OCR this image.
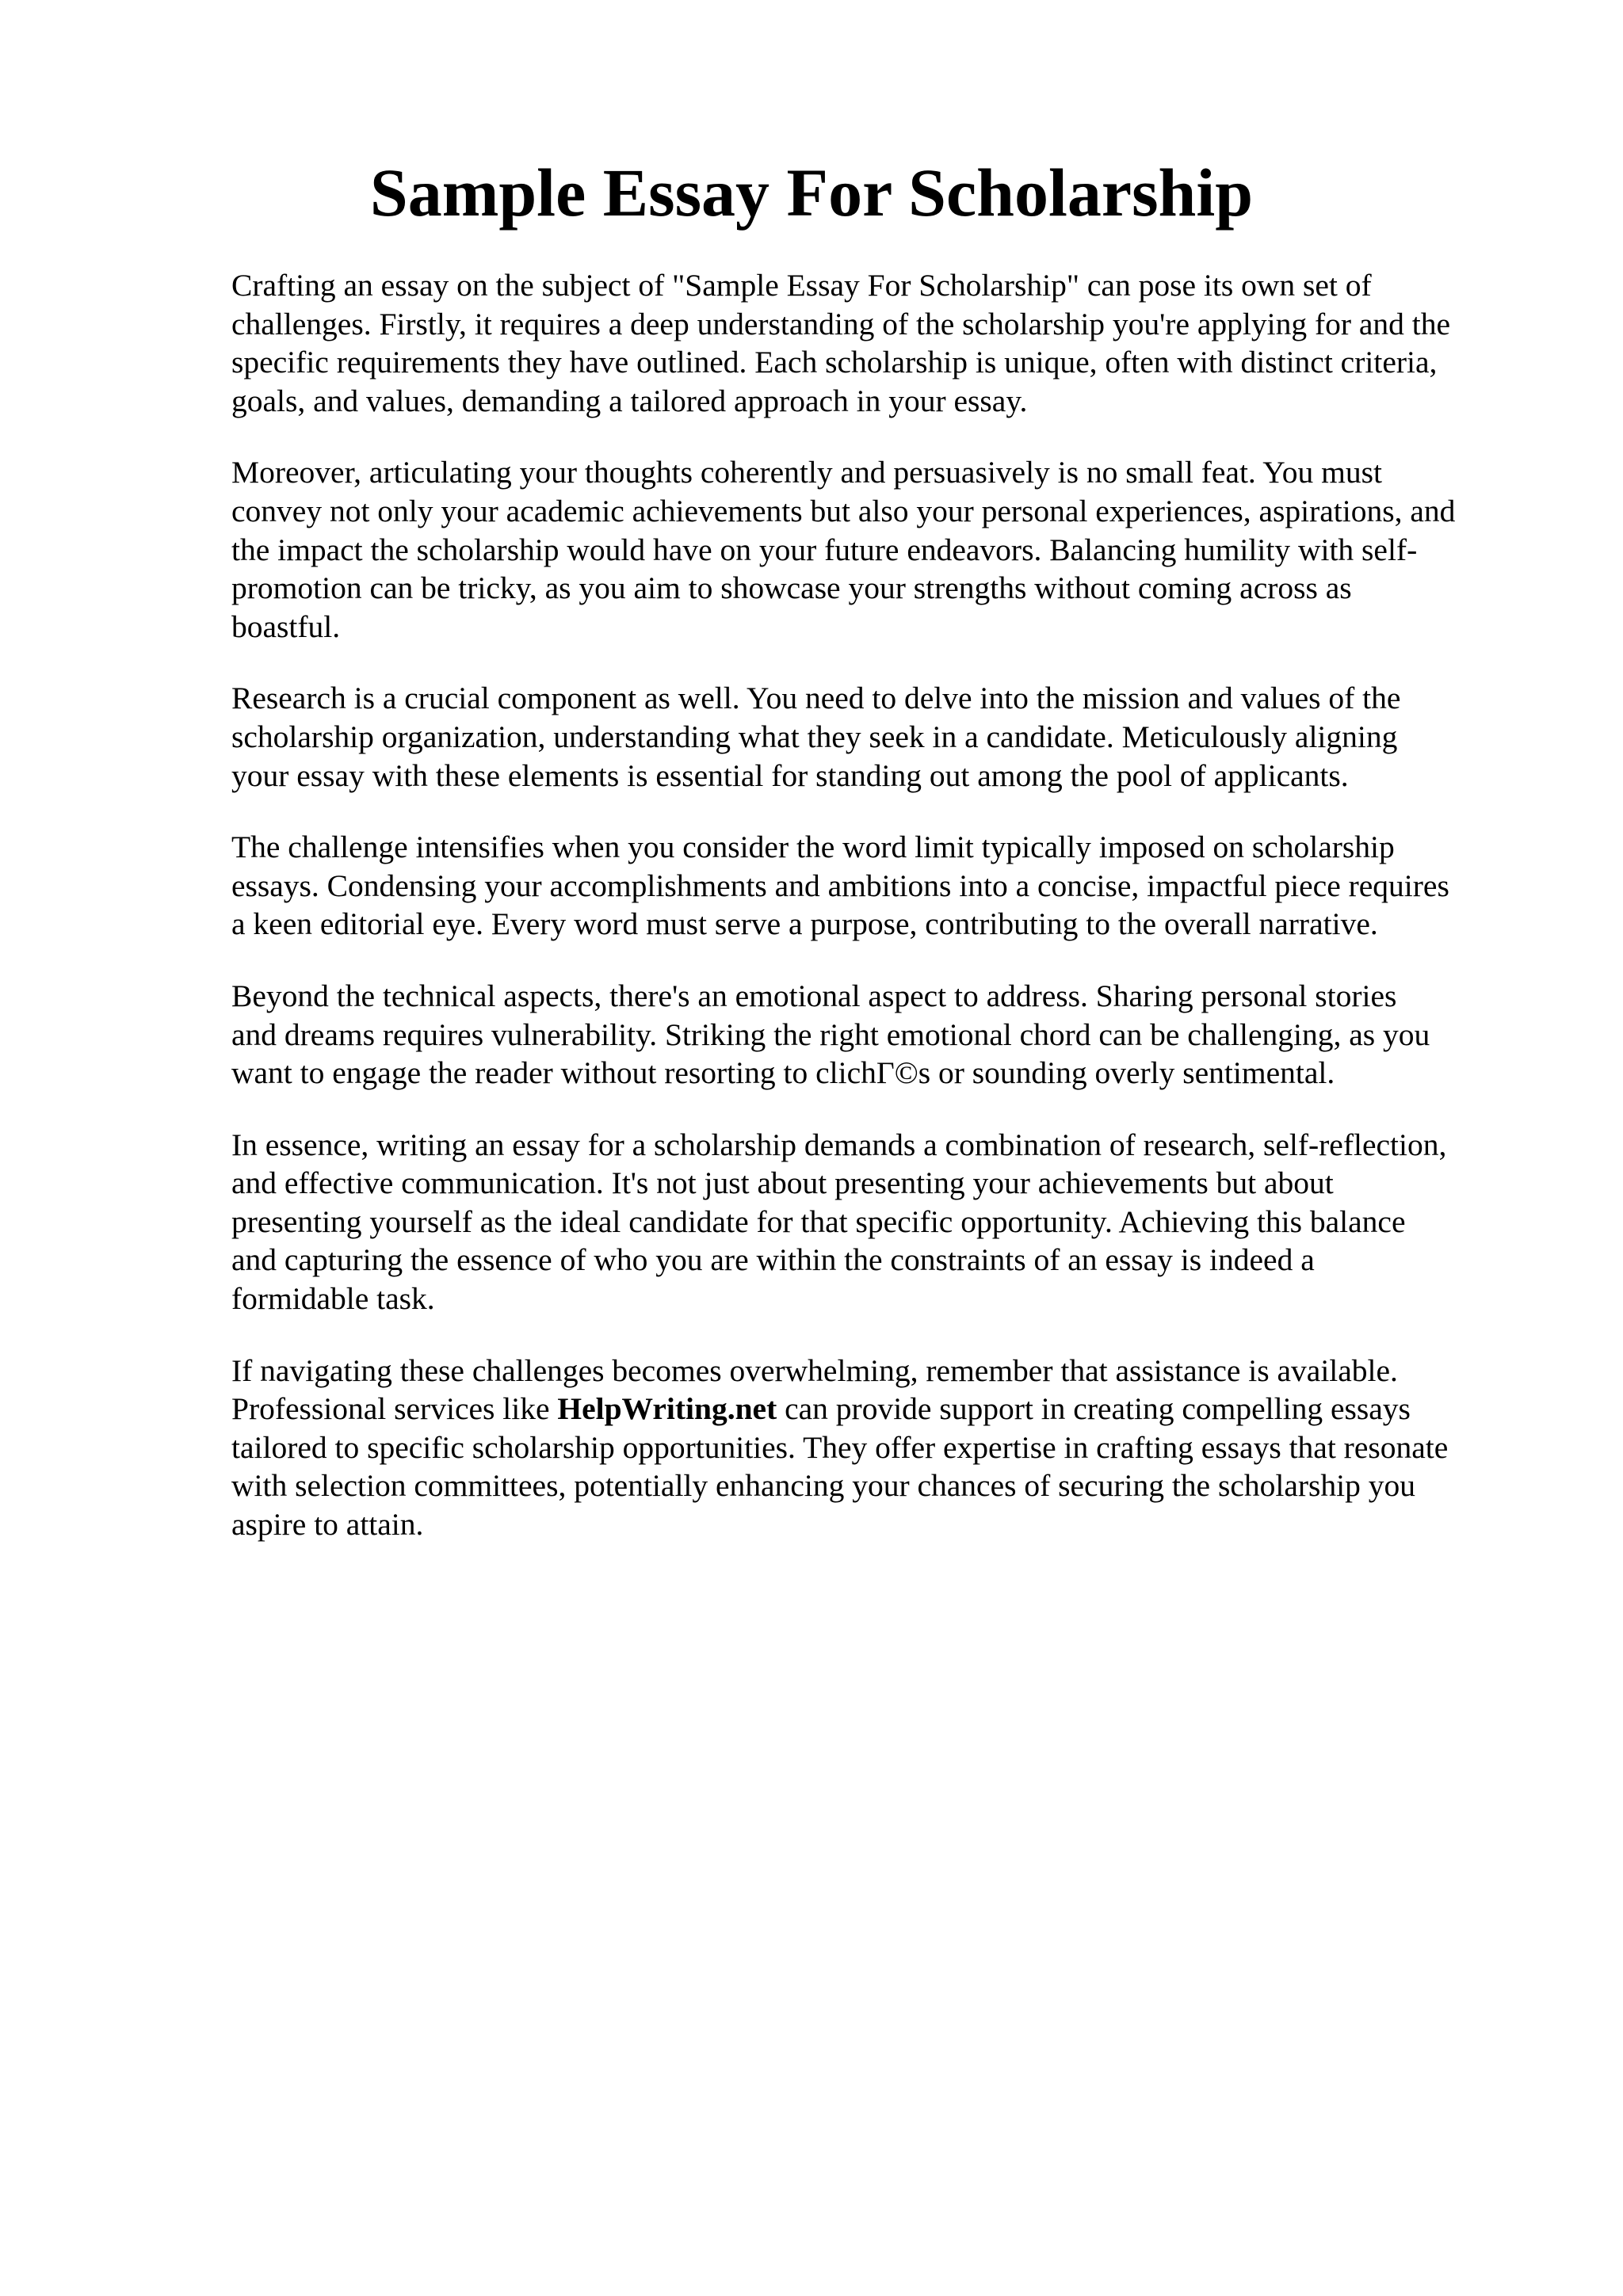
Sample Essay For Scholarship

Crafting an essay on the subject of "Sample Essay For Scholarship" can pose its own set of
challenges. Firstly, it requires a deep understanding of the scholarship you're applying for and the
specific requirements they have outlined. Each scholarship is unique, often with distinct criteria,
goals, and values, demanding a tailored approach in your essay.

Moreover, articulating your thoughts coherently and persuasively is no small feat. You must
convey not only your academic achievements but also your personal experiences, aspirations, and
the impact the scholarship would have on your future endeavors. Balancing humility with self-
promotion can be tricky, as you aim to showcase your strengths without coming across as
boastful.

Research is a crucial component as well. You need to delve into the mission and values of the
scholarship organization, understanding what they seek in a candidate. Meticulously aligning
your essay with these elements is essential for standing out among the pool of applicants.

The challenge intensifies when you consider the word limit typically imposed on scholarship
essays. Condensing your accomplishments and ambitions into a concise, impactful piece requires
a keen editorial eye. Every word must serve a purpose, contributing to the overall narrative.

Beyond the technical aspects, there's an emotional aspect to address. Sharing personal stories
and dreams requires vulnerability. Striking the right emotional chord can be challenging, as you
want to engage the reader without resorting to clichΓ©s or sounding overly sentimental.

In essence, writing an essay for a scholarship demands a combination of research, self-reflection,
and effective communication. It's not just about presenting your achievements but about
presenting yourself as the ideal candidate for that specific opportunity. Achieving this balance
and capturing the essence of who you are within the constraints of an essay is indeed a
formidable task.

If navigating these challenges becomes overwhelming, remember that assistance is available.
Professional services like HelpWriting.net can provide support in creating compelling essays
tailored to specific scholarship opportunities. They offer expertise in crafting essays that resonate
with selection committees, potentially enhancing your chances of securing the scholarship you
aspire to attain.
